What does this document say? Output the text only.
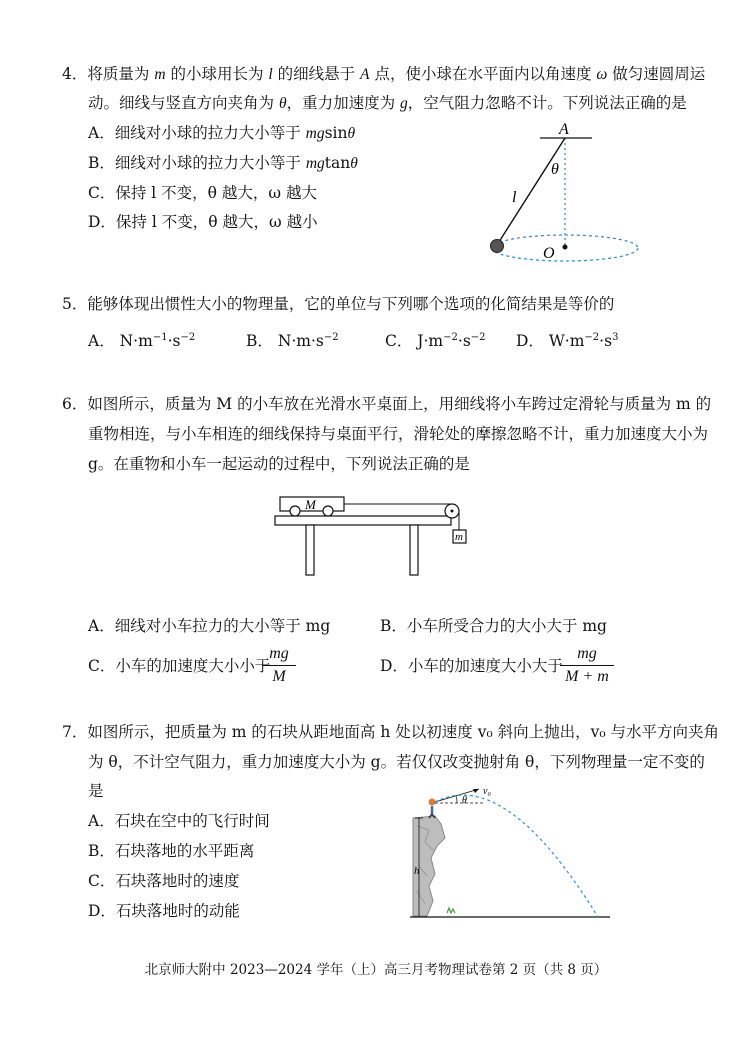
4．将质量为 m 的小球用长为 l 的细线悬于 A 点，使小球在水平面内以角速度 ω 做匀速圆周运
动。细线与竖直方向夹角为 θ，重力加速度为 g，空气阻力忽略不计。下列说法正确的是
A．细线对小球的拉力大小等于 mgsinθ
B．细线对小球的拉力大小等于 mgtanθ
C．保持 l 不变，θ 越大，ω 越大
D．保持 l 不变，θ 越大，ω 越小
A
θ
l
O
5．能够体现出惯性大小的物理量，它的单位与下列哪个选项的化简结果是等价的
A． $N\cdot m^{-1}\cdot s^{-2}$	B． $N\cdot m\cdot s^{-2}$	C． $J\cdot m^{-2}\cdot s^{-2}$ D． $W\cdot m^{-2}\cdot s^3$
6．如图所示，质量为 M 的小车放在光滑水平桌面上，用细线将小车跨过定滑轮与质量为 m 的
重物相连，与小车相连的细线保持与桌面平行，滑轮处的摩擦忽略不计，重力加速度大小为
g。在重物和小车一起运动的过程中，下列说法正确的是
M
m
A．细线对小车拉力的大小等于 mg	B．小车所受合力的大小大于 mg
C．小车的加速度大小小于
mg
M
D．小车的加速度大小大于
mg
M + m
7．如图所示，把质量为 m 的石块从距地面高 h 处以初速度 v₀ 斜向上抛出，v₀ 与水平方向夹角
为 θ，不计空气阻力，重力加速度大小为 g。若仅仅改变抛射角 θ，下列物理量一定不变的
是
A．石块在空中的飞行时间
B．石块落地的水平距离
C．石块落地时的速度
D．石块落地时的动能
h
v₀
θ
北京师大附中 2023—2024 学年（上）高三月考物理试卷第 2 页（共 8 页）
